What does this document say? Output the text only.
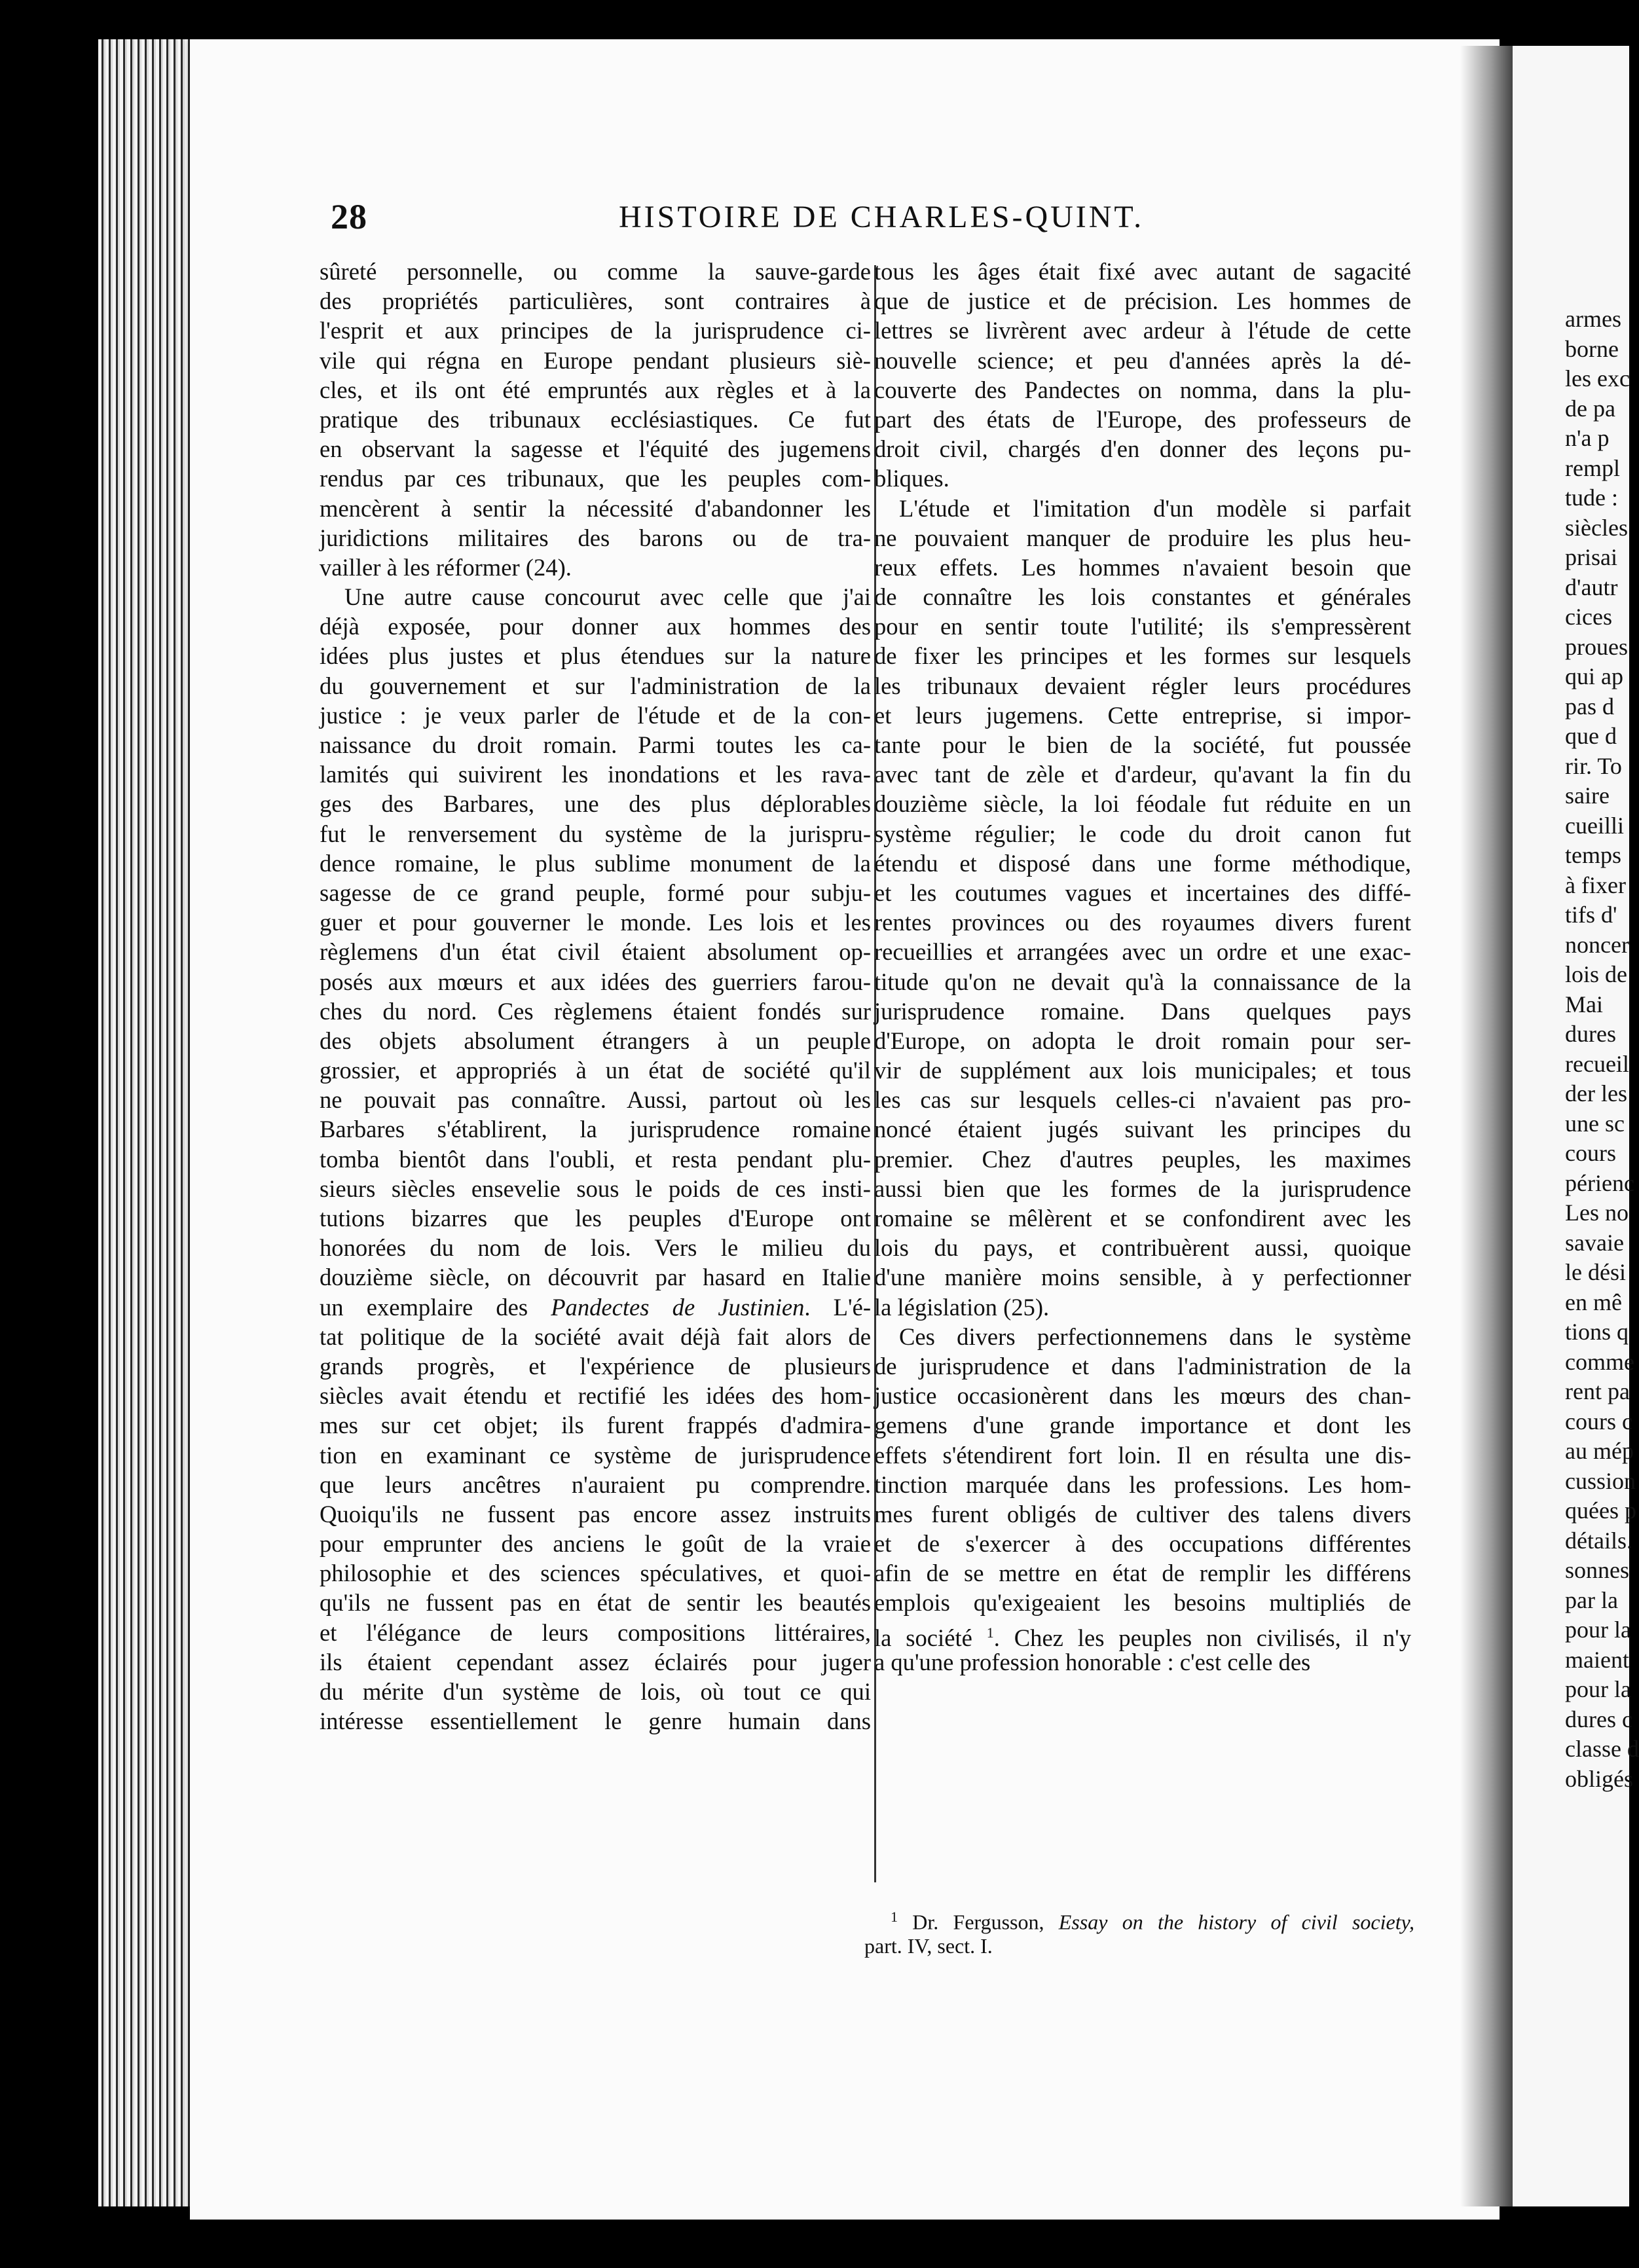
armes
borne
les exc
de pa
n'a p
rempl
tude :
siècles
prisai
d'autr
cices
proues
qui ap
pas d
que d
rir. To
saire
cueilli
temps
à fixer
tifs d'
noncer
lois de
Mai
dures
recueil
der les
une sc
cours
périenc
Les no
savaie
le dési
en mê
tions q
comme
rent pa
cours c
au mép
cussion
quées p
détails.
sonnes
par la
pour la
maient
pour la
dures c
classe d
obligés
28	HISTOIRE DE CHARLES-QUINT.
sûreté personnelle, ou comme la sauve-garde
des propriétés particulières, sont contraires à
l'esprit et aux principes de la jurisprudence ci-
vile qui régna en Europe pendant plusieurs siè-
cles, et ils ont été empruntés aux règles et à la
pratique des tribunaux ecclésiastiques. Ce fut
en observant la sagesse et l'équité des jugemens
rendus par ces tribunaux, que les peuples com-
mencèrent à sentir la nécessité d'abandonner les
juridictions militaires des barons ou de tra-
vailler à les réformer (24).
Une autre cause concourut avec celle que j'ai
déjà exposée, pour donner aux hommes des
idées plus justes et plus étendues sur la nature
du gouvernement et sur l'administration de la
justice : je veux parler de l'étude et de la con-
naissance du droit romain. Parmi toutes les ca-
lamités qui suivirent les inondations et les rava-
ges des Barbares, une des plus déplorables
fut le renversement du système de la jurispru-
dence romaine, le plus sublime monument de la
sagesse de ce grand peuple, formé pour subju-
guer et pour gouverner le monde. Les lois et les
règlemens d'un état civil étaient absolument op-
posés aux mœurs et aux idées des guerriers farou-
ches du nord. Ces règlemens étaient fondés sur
des objets absolument étrangers à un peuple
grossier, et appropriés à un état de société qu'il
ne pouvait pas connaître. Aussi, partout où les
Barbares s'établirent, la jurisprudence romaine
tomba bientôt dans l'oubli, et resta pendant plu-
sieurs siècles ensevelie sous le poids de ces insti-
tutions bizarres que les peuples d'Europe ont
honorées du nom de lois. Vers le milieu du
douzième siècle, on découvrit par hasard en Italie
un exemplaire des Pandectes de Justinien. L'é-
tat politique de la société avait déjà fait alors de
grands progrès, et l'expérience de plusieurs
siècles avait étendu et rectifié les idées des hom-
mes sur cet objet; ils furent frappés d'admira-
tion en examinant ce système de jurisprudence
que leurs ancêtres n'auraient pu comprendre.
Quoiqu'ils ne fussent pas encore assez instruits
pour emprunter des anciens le goût de la vraie
philosophie et des sciences spéculatives, et quoi-
qu'ils ne fussent pas en état de sentir les beautés
et l'élégance de leurs compositions littéraires,
ils étaient cependant assez éclairés pour juger
du mérite d'un système de lois, où tout ce qui
intéresse essentiellement le genre humain dans
tous les âges était fixé avec autant de sagacité
que de justice et de précision. Les hommes de
lettres se livrèrent avec ardeur à l'étude de cette
nouvelle science; et peu d'années après la dé-
couverte des Pandectes on nomma, dans la plu-
part des états de l'Europe, des professeurs de
droit civil, chargés d'en donner des leçons pu-
bliques.
L'étude et l'imitation d'un modèle si parfait
ne pouvaient manquer de produire les plus heu-
reux effets. Les hommes n'avaient besoin que
de connaître les lois constantes et générales
pour en sentir toute l'utilité; ils s'empressèrent
de fixer les principes et les formes sur lesquels
les tribunaux devaient régler leurs procédures
et leurs jugemens. Cette entreprise, si impor-
tante pour le bien de la société, fut poussée
avec tant de zèle et d'ardeur, qu'avant la fin du
douzième siècle, la loi féodale fut réduite en un
système régulier; le code du droit canon fut
étendu et disposé dans une forme méthodique,
et les coutumes vagues et incertaines des diffé-
rentes provinces ou des royaumes divers furent
recueillies et arrangées avec un ordre et une exac-
titude qu'on ne devait qu'à la connaissance de la
jurisprudence romaine. Dans quelques pays
d'Europe, on adopta le droit romain pour ser-
vir de supplément aux lois municipales; et tous
les cas sur lesquels celles-ci n'avaient pas pro-
noncé étaient jugés suivant les principes du
premier. Chez d'autres peuples, les maximes
aussi bien que les formes de la jurisprudence
romaine se mêlèrent et se confondirent avec les
lois du pays, et contribuèrent aussi, quoique
d'une manière moins sensible, à y perfectionner
la législation (25).
Ces divers perfectionnemens dans le système
de jurisprudence et dans l'administration de la
justice occasionèrent dans les mœurs des chan-
gemens d'une grande importance et dont les
effets s'étendirent fort loin. Il en résulta une dis-
tinction marquée dans les professions. Les hom-
mes furent obligés de cultiver des talens divers
et de s'exercer à des occupations différentes
afin de se mettre en état de remplir les différens
emplois qu'exigeaient les besoins multipliés de
la société $^1$. Chez les peuples non civilisés, il n'y
a qu'une profession honorable : c'est celle des
$^1$ Dr. Fergusson, Essay on the history of civil society,
part. IV, sect. I.
